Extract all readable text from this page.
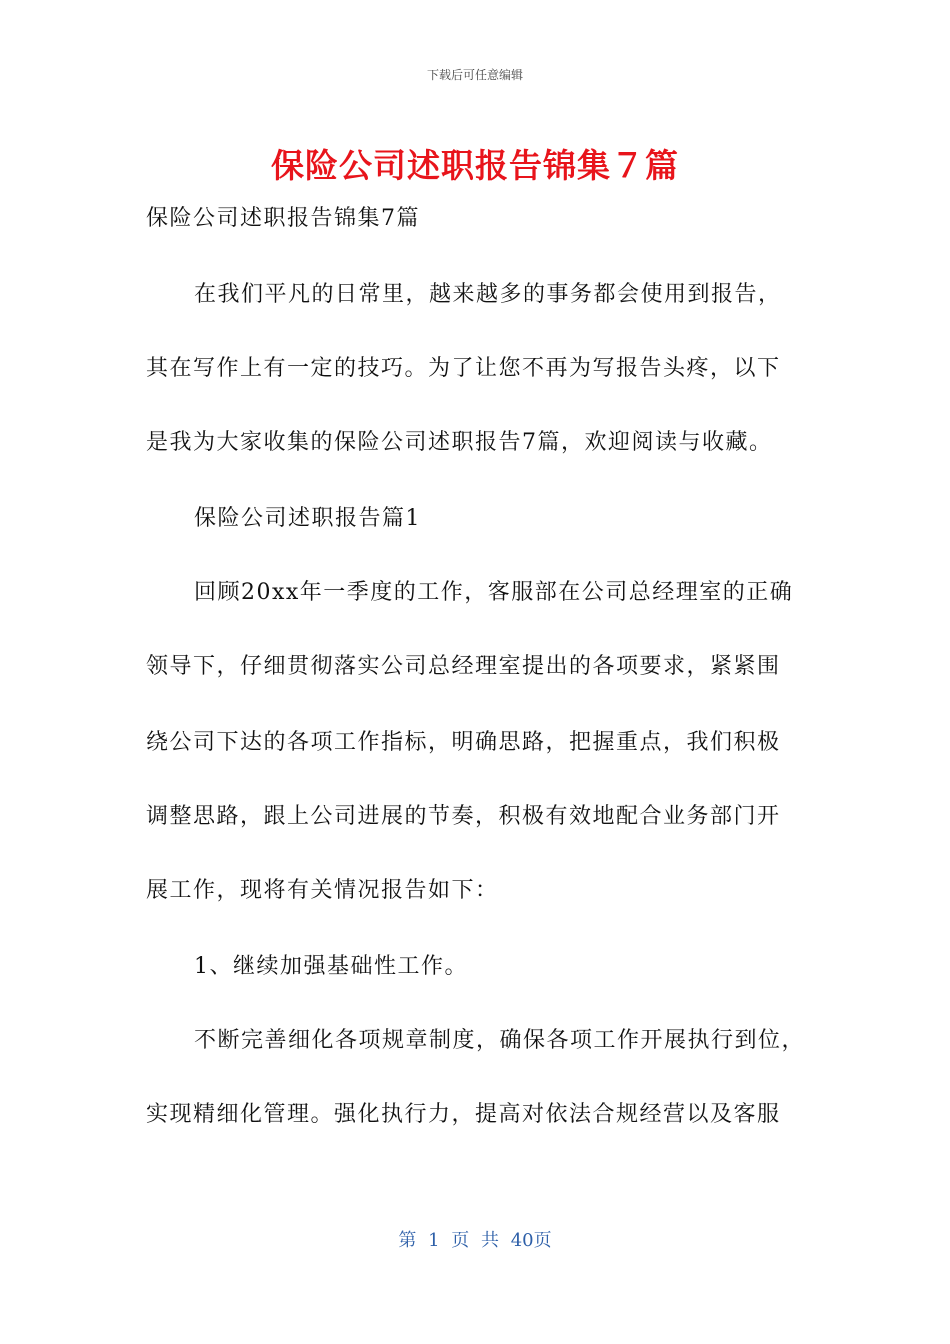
下载后可任意编辑
保险公司述职报告锦集７篇
保险公司述职报告锦集7篇
在我们平凡的日常里，越来越多的事务都会使用到报告，
其在写作上有一定的技巧。为了让您不再为写报告头疼，以下
是我为大家收集的保险公司述职报告7篇，欢迎阅读与收藏。
保险公司述职报告篇1
回顾20xx年一季度的工作，客服部在公司总经理室的正确
领导下，仔细贯彻落实公司总经理室提出的各项要求，紧紧围
绕公司下达的各项工作指标，明确思路，把握重点，我们积极
调整思路，跟上公司进展的节奏，积极有效地配合业务部门开
展工作，现将有关情况报告如下：
1、继续加强基础性工作。
不断完善细化各项规章制度，确保各项工作开展执行到位，
实现精细化管理。强化执行力，提高对依法合规经营以及客服
第 1 页 共 40页
